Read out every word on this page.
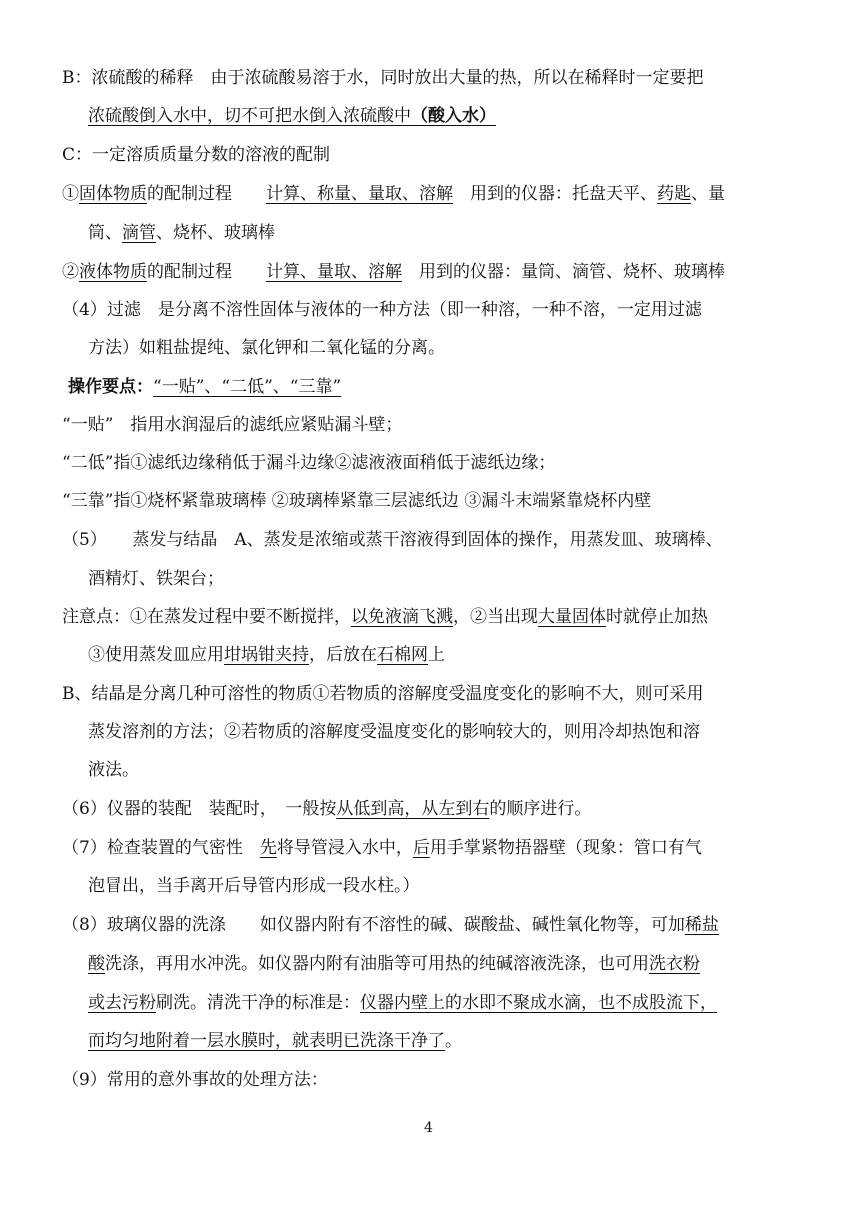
B：浓硫酸的稀释　由于浓硫酸易溶于水，同时放出大量的热，所以在稀释时一定要把
浓硫酸倒入水中，切不可把水倒入浓硫酸中（酸入水）
C：一定溶质质量分数的溶液的配制
①固体物质的配制过程　　计算、称量、量取、溶解　用到的仪器：托盘天平、药匙、量
筒、滴管、烧杯、玻璃棒
②液体物质的配制过程　　计算、量取、溶解　用到的仪器：量筒、滴管、烧杯、玻璃棒
（4）过滤　是分离不溶性固体与液体的一种方法（即一种溶，一种不溶，一定用过滤
方法）如粗盐提纯、氯化钾和二氧化锰的分离。
操作要点：“一贴”、“二低”、“三靠”
“一贴”　指用水润湿后的滤纸应紧贴漏斗壁；
“二低”指①滤纸边缘稍低于漏斗边缘②滤液液面稍低于滤纸边缘；
“三靠”指①烧杯紧靠玻璃棒 ②玻璃棒紧靠三层滤纸边 ③漏斗末端紧靠烧杯内壁
（5）　　蒸发与结晶　A、蒸发是浓缩或蒸干溶液得到固体的操作，用蒸发皿、玻璃棒、
酒精灯、铁架台；
注意点：①在蒸发过程中要不断搅拌，以免液滴飞溅，②当出现大量固体时就停止加热
③使用蒸发皿应用坩埚钳夹持，后放在石棉网上
B、结晶是分离几种可溶性的物质①若物质的溶解度受温度变化的影响不大，则可采用
蒸发溶剂的方法；②若物质的溶解度受温度变化的影响较大的，则用冷却热饱和溶
液法。
（6）仪器的装配　装配时，　一般按从低到高，从左到右的顺序进行。
（7）检查装置的气密性　先将导管浸入水中，后用手掌紧物捂器壁（现象：管口有气
泡冒出，当手离开后导管内形成一段水柱。）
（8）玻璃仪器的洗涤　　如仪器内附有不溶性的碱、碳酸盐、碱性氧化物等，可加稀盐
酸洗涤，再用水冲洗。如仪器内附有油脂等可用热的纯碱溶液洗涤，也可用洗衣粉
或去污粉刷洗。清洗干净的标准是：仪器内壁上的水即不聚成水滴，也不成股流下，
而均匀地附着一层水膜时，就表明已洗涤干净了。
（9）常用的意外事故的处理方法：
4
